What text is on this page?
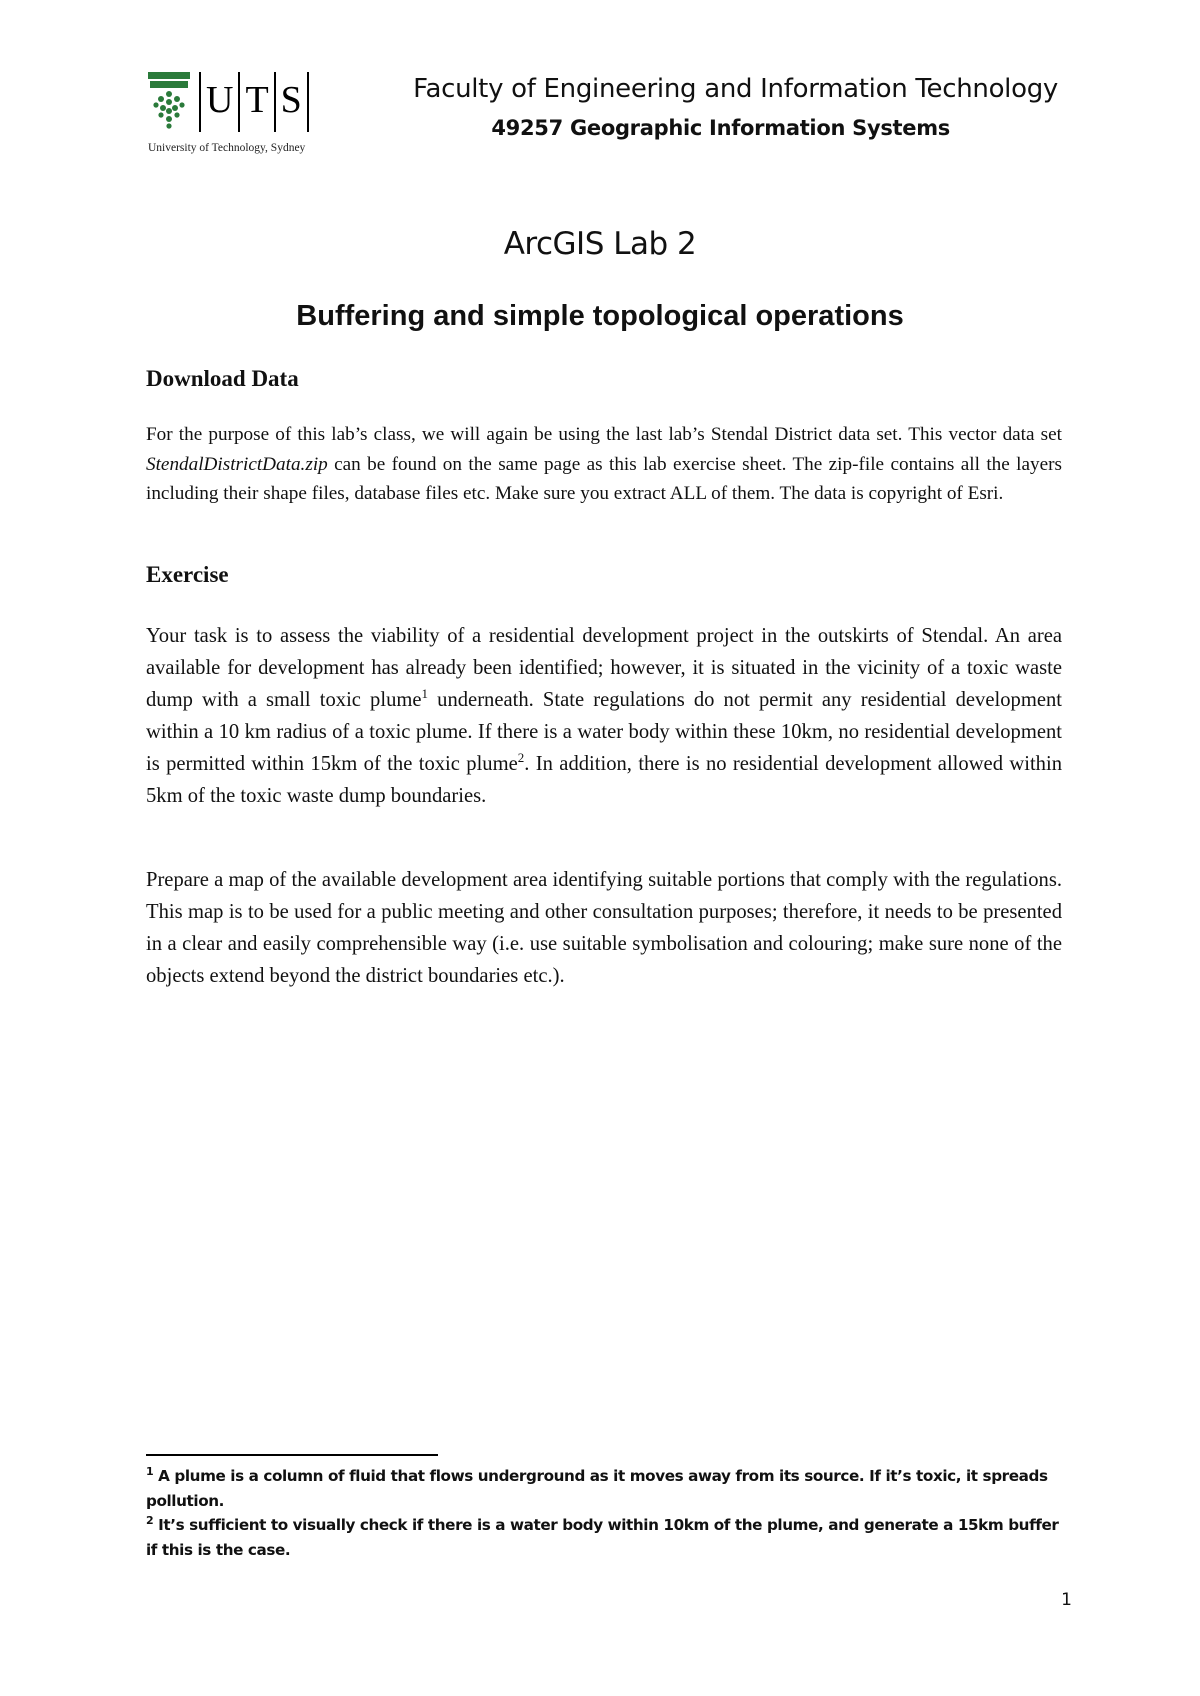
U T S
University of Technology, Sydney
Faculty of Engineering and Information Technology
49257 Geographic Information Systems
ArcGIS Lab 2
Buffering and simple topological operations
Download Data

For the purpose of this lab’s class, we will again be using the last lab’s Stendal District data set. This vector data set StendalDistrictData.zip can be found on the same page as this lab exercise sheet. The zip-file contains all the layers including their shape files, database files etc. Make sure you extract ALL of them. The data is copyright of Esri.

Exercise

Your task is to assess the viability of a residential development project in the outskirts of Stendal. An area available for development has already been identified; however, it is situated in the vicinity of a toxic waste dump with a small toxic plume$^1$ underneath. State regulations do not permit any residential development within a 10 km radius of a toxic plume. If there is a water body within these 10km, no residential development is permitted within 15km of the toxic plume$^2$. In addition, there is no residential development allowed within 5km of the toxic waste dump boundaries.

Prepare a map of the available development area identifying suitable portions that comply with the regulations. This map is to be used for a public meeting and other consultation purposes; therefore, it needs to be presented in a clear and easily comprehensible way (i.e. use suitable symbolisation and colouring; make sure none of the objects extend beyond the district boundaries etc.).

$^1$ A plume is a column of fluid that flows underground as it moves away from its source. If it’s toxic, it spreads pollution.

$^2$ It’s sufficient to visually check if there is a water body within 10km of the plume, and generate a 15km buffer if this is the case.

1
